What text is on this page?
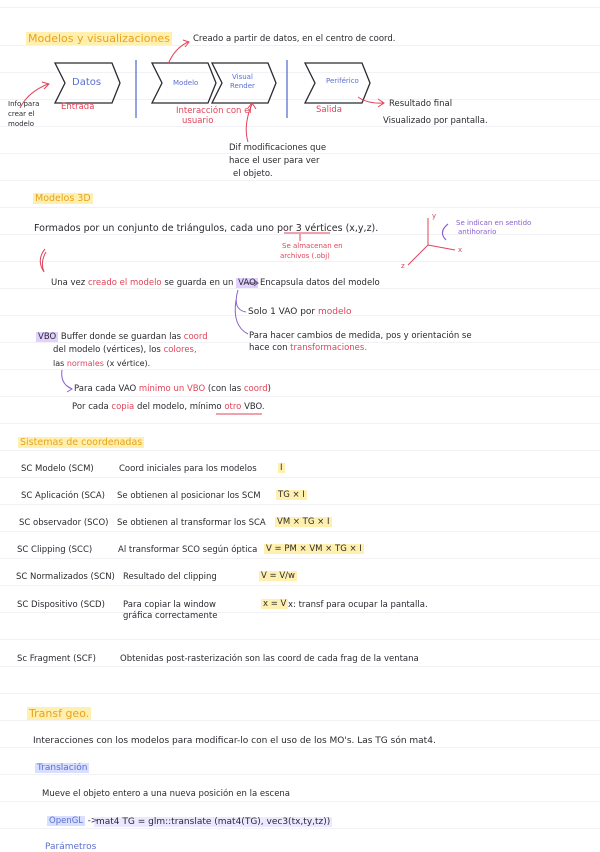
Modelos y visualizaciones	Creado a partir de datos, en el centro de coord.
Datos
Entrada
Info para
crear el
modelo
Modelo
Visual
Render
Interacción con el
usuario
Periférico
Salida
Resultado final
Visualizado por pantalla.
Dif modificaciones que
hace el user para ver
el objeto.
Modelos 3D
Formados por un conjunto de triángulos, cada uno por 3 vértices (x,y,z).
Se almacenan en
archivos (.obj)
Se indican en sentido
antihorario
y
x
z
Una vez creado el modelo se guarda en un VAO Encapsula datos del modelo
Solo 1 VAO por modelo
Para hacer cambios de medida, pos y orientación se
hace con transformaciones.
VBO Buffer donde se guardan las coord
del modelo (vértices), los colores,
las normales (x vértice).
Para cada VAO mínimo un VBO (con las coord)
Por cada copia del modelo, mínimo otro VBO.
Sistemas de coordenadas
SC Modelo (SCM)	Coord iniciales para los modelos	I
SC Aplicación (SCA) Se obtienen al posicionar los SCM TG × I
SC observador (SCO) Se obtienen al transformar los SCA VM × TG × I
SC Clipping (SCC)	Al transformar SCO según óptica V = PM × VM × TG × I
SC Normalizados (SCN) Resultado del clipping	V = V/w
SC Dispositivo (SCD) Para copiar la window
gráfica correctamente
x = V x: transf para ocupar la pantalla.
Sc Fragment (SCF)	Obtenidas post-rasterización son las coord de cada frag de la ventana
Transf geo.
Interacciones con los modelos para modificar-lo con el uso de los MO's. Las TG són mat4.
Translación
Mueve el objeto entero a una nueva posición en la escena
OpenGL ->
mat4 TG = glm::translate (mat4(TG), vec3(tx,ty,tz))
Parámetros
